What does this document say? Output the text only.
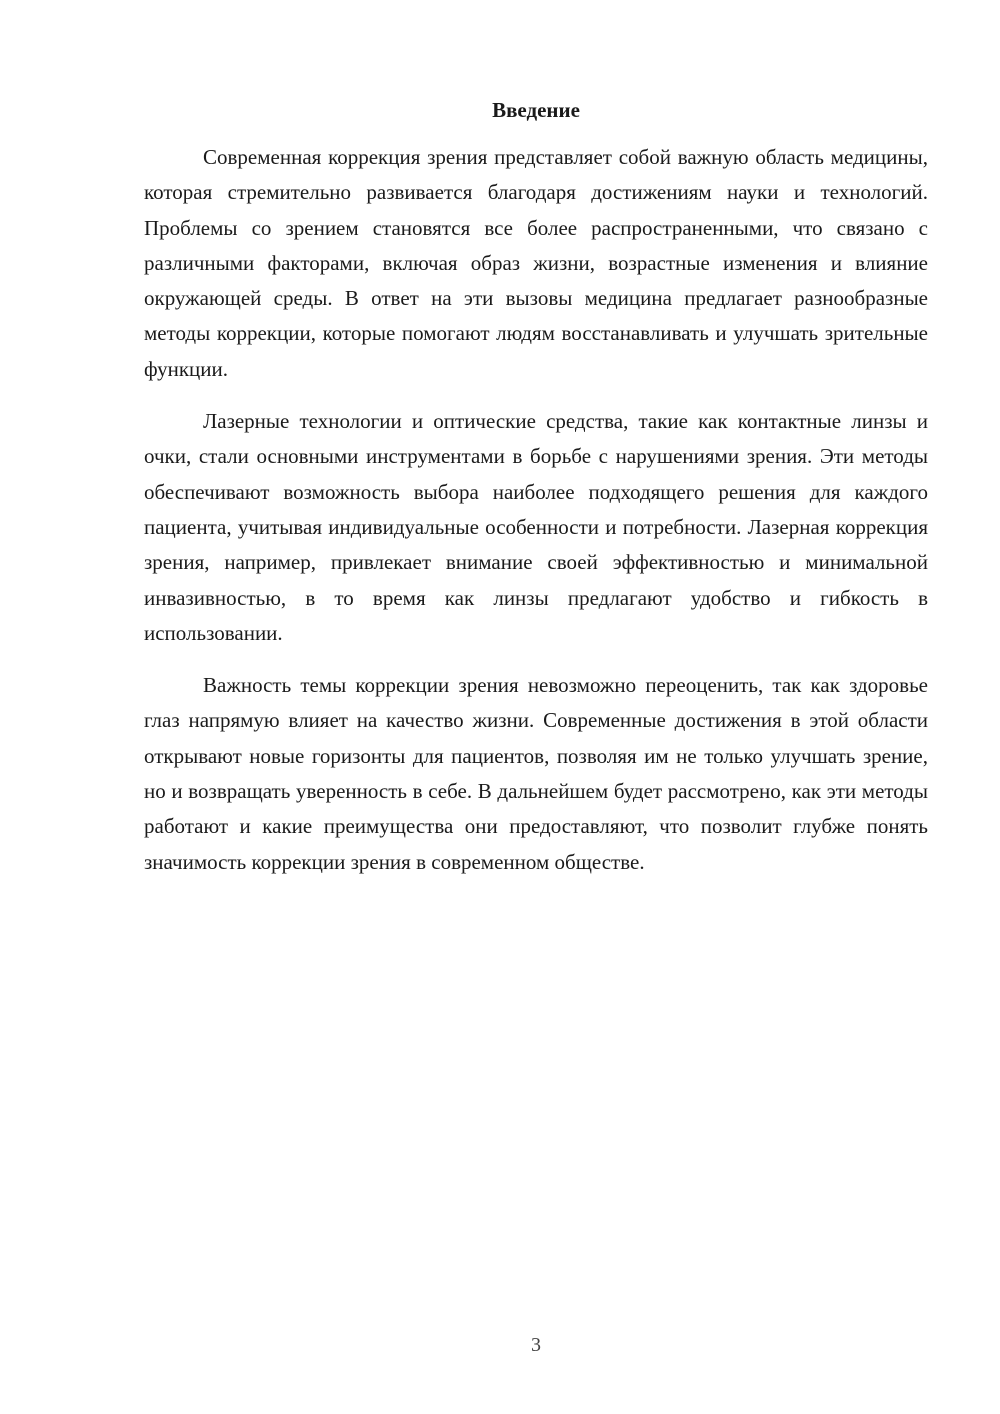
Введение

Современная коррекция зрения представляет собой важную область медицины, которая стремительно развивается благодаря достижениям науки и технологий. Проблемы со зрением становятся все более распространенными, что связано с различными факторами, включая образ жизни, возрастные изменения и влияние окружающей среды. В ответ на эти вызовы медицина предлагает разнообразные методы коррекции, которые помогают людям восстанавливать и улучшать зрительные функции.

Лазерные технологии и оптические средства, такие как контактные линзы и очки, стали основными инструментами в борьбе с нарушениями зрения. Эти методы обеспечивают возможность выбора наиболее подходящего решения для каждого пациента, учитывая индивидуальные особенности и потребности. Лазерная коррекция зрения, например, привлекает внимание своей эффективностью и минимальной инвазивностью, в то время как линзы предлагают удобство и гибкость в использовании.

Важность темы коррекции зрения невозможно переоценить, так как здоровье глаз напрямую влияет на качество жизни. Современные достижения в этой области открывают новые горизонты для пациентов, позволяя им не только улучшать зрение, но и возвращать уверенность в себе. В дальнейшем будет рассмотрено, как эти методы работают и какие преимущества они предоставляют, что позволит глубже понять значимость коррекции зрения в современном обществе.

3
